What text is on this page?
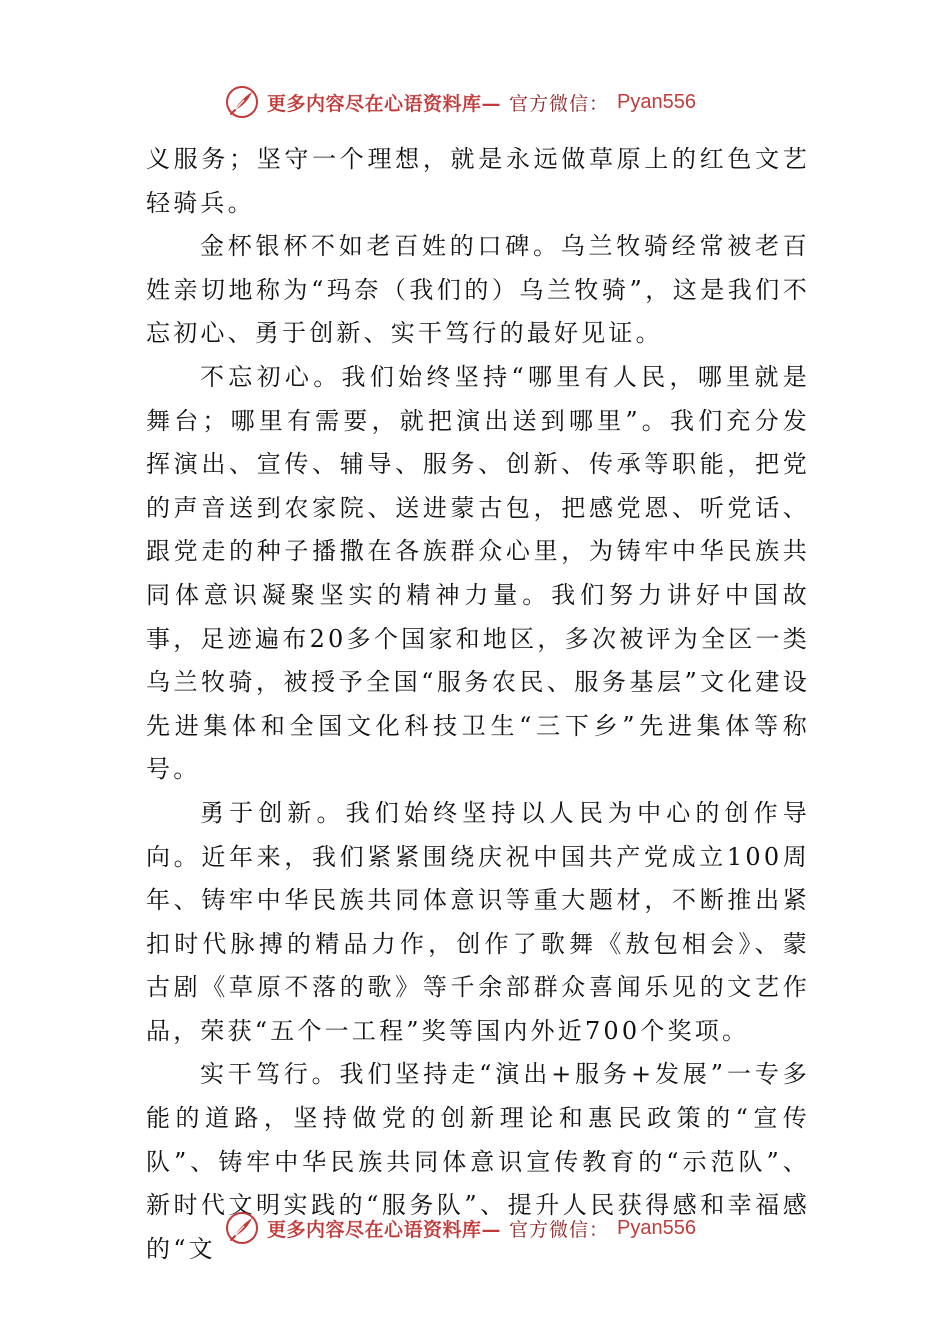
更多内容尽在心语资料库— 官方微信： Pyan556

义服务；坚守一个理想，就是永远做草原上的红色文艺轻骑兵。

金杯银杯不如老百姓的口碑。乌兰牧骑经常被老百姓亲切地称为“玛奈（我们的）乌兰牧骑”，这是我们不忘初心、勇于创新、实干笃行的最好见证。

不忘初心。我们始终坚持“哪里有人民，哪里就是舞台；哪里有需要，就把演出送到哪里”。我们充分发挥演出、宣传、辅导、服务、创新、传承等职能，把党的声音送到农家院、送进蒙古包，把感党恩、听党话、跟党走的种子播撒在各族群众心里，为铸牢中华民族共同体意识凝聚坚实的精神力量。我们努力讲好中国故事，足迹遍布20多个国家和地区，多次被评为全区一类乌兰牧骑，被授予全国“服务农民、服务基层”文化建设先进集体和全国文化科技卫生“三下乡”先进集体等称号。

勇于创新。我们始终坚持以人民为中心的创作导向。近年来，我们紧紧围绕庆祝中国共产党成立100周年、铸牢中华民族共同体意识等重大题材，不断推出紧扣时代脉搏的精品力作，创作了歌舞《敖包相会》、蒙古剧《草原不落的歌》等千余部群众喜闻乐见的文艺作品，荣获“五个一工程”奖等国内外近700个奖项。

实干笃行。我们坚持走“演出+服务+发展”一专多能的道路，坚持做党的创新理论和惠民政策的“宣传队”、铸牢中华民族共同体意识宣传教育的“示范队”、新时代文明实践的“服务队”、提升人民获得感和幸福感的“文

更多内容尽在心语资料库— 官方微信： Pyan556
